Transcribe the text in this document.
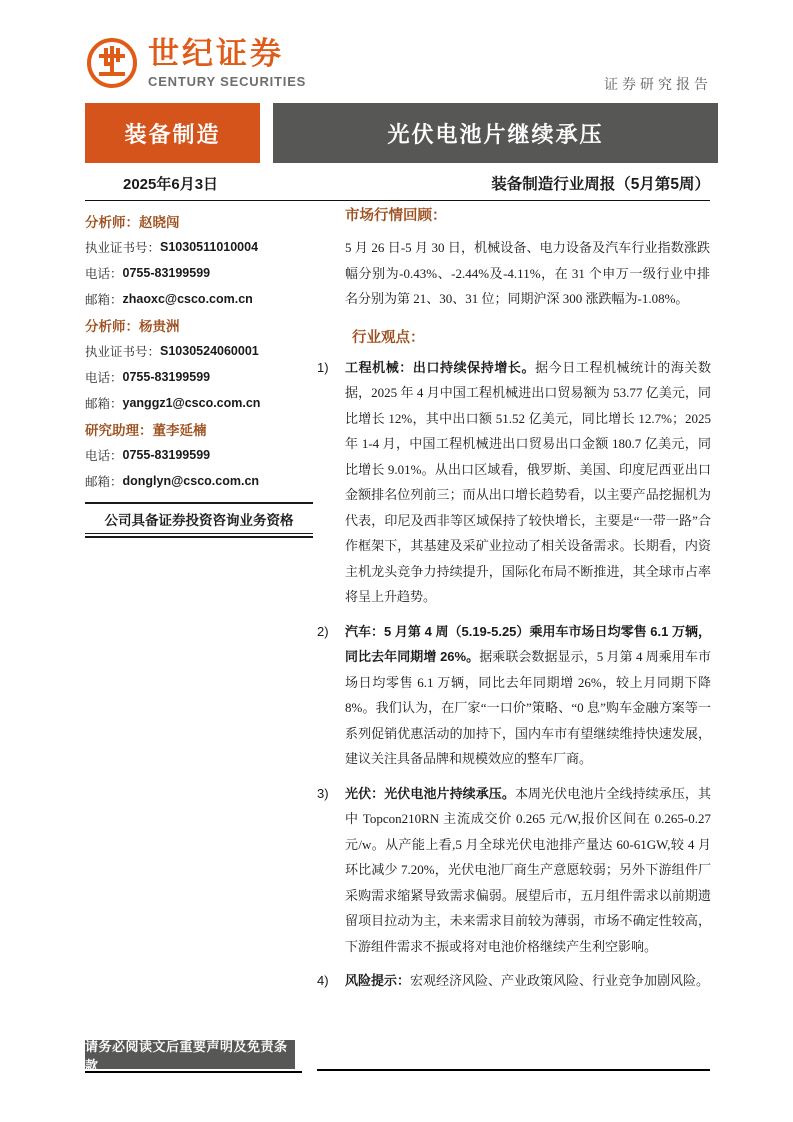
世纪证券
CENTURY SECURITIES	证券研究报告
装备制造	光伏电池片继续承压
2025年6月3日	装备制造行业周报（5月第5周）
分析师： 赵晓闯
执业证书号： S1030511010004
电话： 0755-83199599
邮箱： zhaoxc@csco.com.cn
分析师： 杨贵洲
执业证书号： S1030524060001
电话： 0755-83199599
邮箱： yanggz1@csco.com.cn
研究助理： 董李延楠
电话： 0755-83199599
邮箱： donglyn@csco.com.cn
公司具备证券投资咨询业务资格
市场行情回顾：

5 月 26 日-5 月 30 日，机械设备、电力设备及汽车行业指数涨跌幅分别为-0.43%、-2.44%及-4.11%，在 31 个申万一级行业中排名分别为第 21、30、31 位；同期沪深 300 涨跌幅为-1.08%。

行业观点：
1)	工程机械：出口持续保持增长。据今日工程机械统计的海关数据，2025 年 4 月中国工程机械进出口贸易额为 53.77 亿美元，同比增长 12%，其中出口额 51.52 亿美元，同比增长 12.7%；2025 年 1-4 月，中国工程机械进出口贸易出口金额 180.7 亿美元，同比增长 9.01%。从出口区域看，俄罗斯、美国、印度尼西亚出口金额排名位列前三；而从出口增长趋势看，以主要产品挖掘机为代表，印尼及西非等区域保持了较快增长，主要是“一带一路”合作框架下，其基建及采矿业拉动了相关设备需求。长期看，内资主机龙头竞争力持续提升，国际化布局不断推进，其全球市占率将呈上升趋势。

2)	汽车：5 月第 4 周（5.19-5.25）乘用车市场日均零售 6.1 万辆，同比去年同期增 26%。据乘联会数据显示，5 月第 4 周乘用车市场日均零售 6.1 万辆，同比去年同期增 26%，较上月同期下降 8%。我们认为，在厂家“一口价”策略、“0 息”购车金融方案等一系列促销优惠活动的加持下，国内车市有望继续维持快速发展，建议关注具备品牌和规模效应的整车厂商。

3)	光伏：光伏电池片持续承压。本周光伏电池片全线持续承压，其中 Topcon210RN 主流成交价 0.265 元/W,报价区间在 0.265-0.27 元/w。从产能上看,5 月全球光伏电池排产量达 60-61GW,较 4 月环比减少 7.20%，光伏电池厂商生产意愿较弱；另外下游组件厂采购需求缩紧导致需求偏弱。展望后市，五月组件需求以前期遗留项目拉动为主，未来需求目前较为薄弱，市场不确定性较高，下游组件需求不振或将对电池价格继续产生利空影响。

4)	风险提示：宏观经济风险、产业政策风险、行业竞争加剧风险。

请务必阅读文后重要声明及免责条款
